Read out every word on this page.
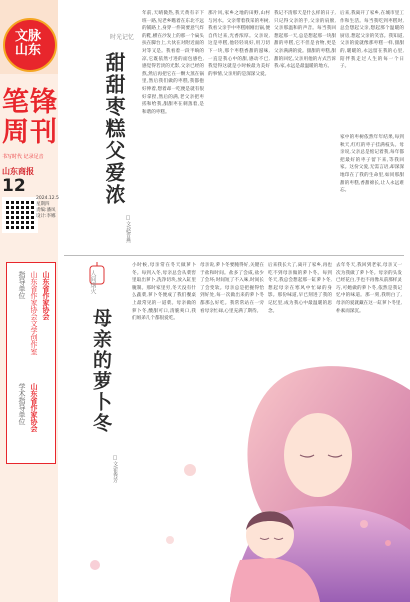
文脉
山东
笔锋周刊
书写时代 记录足音
山东商报
12
2024.12.5
星期四
责编:潘凤
设计:李娜
山东省作家协会
山东省作家协会文学创作室
指导单位
山东省作家协会
学术指导单位
时光记忆
甜甜枣糕父爱浓
□文/赵晋燕
年前,天晴微热,我天黄有辛下班一路,见老乡瞧着在东北不远的铺路上,身穿一件简要意气炸的鞋,横在沙发上的那一个扁头扶在脚台上,大伙在对附近面的对等又是。我看着一段半晌的凉,它既依然寸进的面包感色,感觉得若淡的光影,父亲已经的熬,然后再把它在一颗大蒸在锅里,然后我们做的枣糕,我都抱好伸着,想着却一吃便是就有很好拿捏,然后的满,老父亲把枣搓和给我,甜甜枣在刺蒸着,是和谐的枣糕。
那片风,家乡之地的田野,山村与河水。父亲带着我采的枣树,我看父亲手中枣糕刚刚出锅,便自传过来,光香浓厚。父亲说,这是枣糕,他轻轻说好,用刀切下一块,那个枣糕香甜的滋味,一直是我心中的甜,感动不已,我觉得这就是小时候最为美好的事情,父亲用的是深深父爱。
我记不清那天是什么样的日子,只记得父亲的手,父亲的肩膀,父亲那温和的声音。每当我回想起那一天,总是想起那一块甜甜的枣糕,它不但是食物,更是父亲满满的爱。甜甜的枣糕,甜甜的回忆,父亲用他的方式告诉我:家,永远是最温暖的地方。
后来,我离开了家乡,在城市里工作和生活。每当我吃到枣糕时,总会想起父亲,想起那个温暖的厨房,想起父亲的笑容。我知道,父亲的爱就像那枣糕一样,甜甜的,暖暖的,永远留在我的心里,陪伴我走过人生的每一个日子。
家中的枣树依然年年结果,每到秋天,红红的枣子挂满枝头。母亲说,父亲总是惦记着我,每年都把最好的枣子留下来,等我回家。这份父爱,无需言语,却深深地印在了我的生命里,如同那甜甜的枣糕,香甜绵长,让人永远难忘。
人间烟火
母亲的萝卜冬
□文/崔秀芳
小时候,母亲常在冬天做萝卜冬。每到入冬,母亲总会从菜窖里取出萝卜,洗净切块,放入缸里腌制。那时家里穷,冬天没有什么蔬菜,萝卜冬便成了我们餐桌上最常见的一道菜。母亲做的萝卜冬,酸甜可口,清脆爽口,我们姐弟几个都很爱吃。
母亲说,萝卜冬要腌得好,关键在于盐和时间。盐多了会咸,盐少了会坏;时间短了不入味,时间长了会变软。母亲总是把握得恰到好处,每一次做出来的萝卜冬都那么好吃。我常常站在一旁看母亲忙碌,心里充满了期待。
后来我长大了,离开了家乡,再也吃不到母亲做的萝卜冬。每到冬天,我总会想起那一缸萝卜冬,想起母亲在寒风中忙碌的身影。那份味道,早已刻进了我的记忆里,成为我心中最温暖的思念。
去年冬天,我回到老家,母亲又一次为我做了萝卜冬。母亲的头发已经花白,手也不再像从前那样灵巧,可她做的萝卜冬,依然是我记忆中的味道。那一刻,我明白了,母亲的爱就藏在这一缸萝卜冬里,朴素而深沉。
